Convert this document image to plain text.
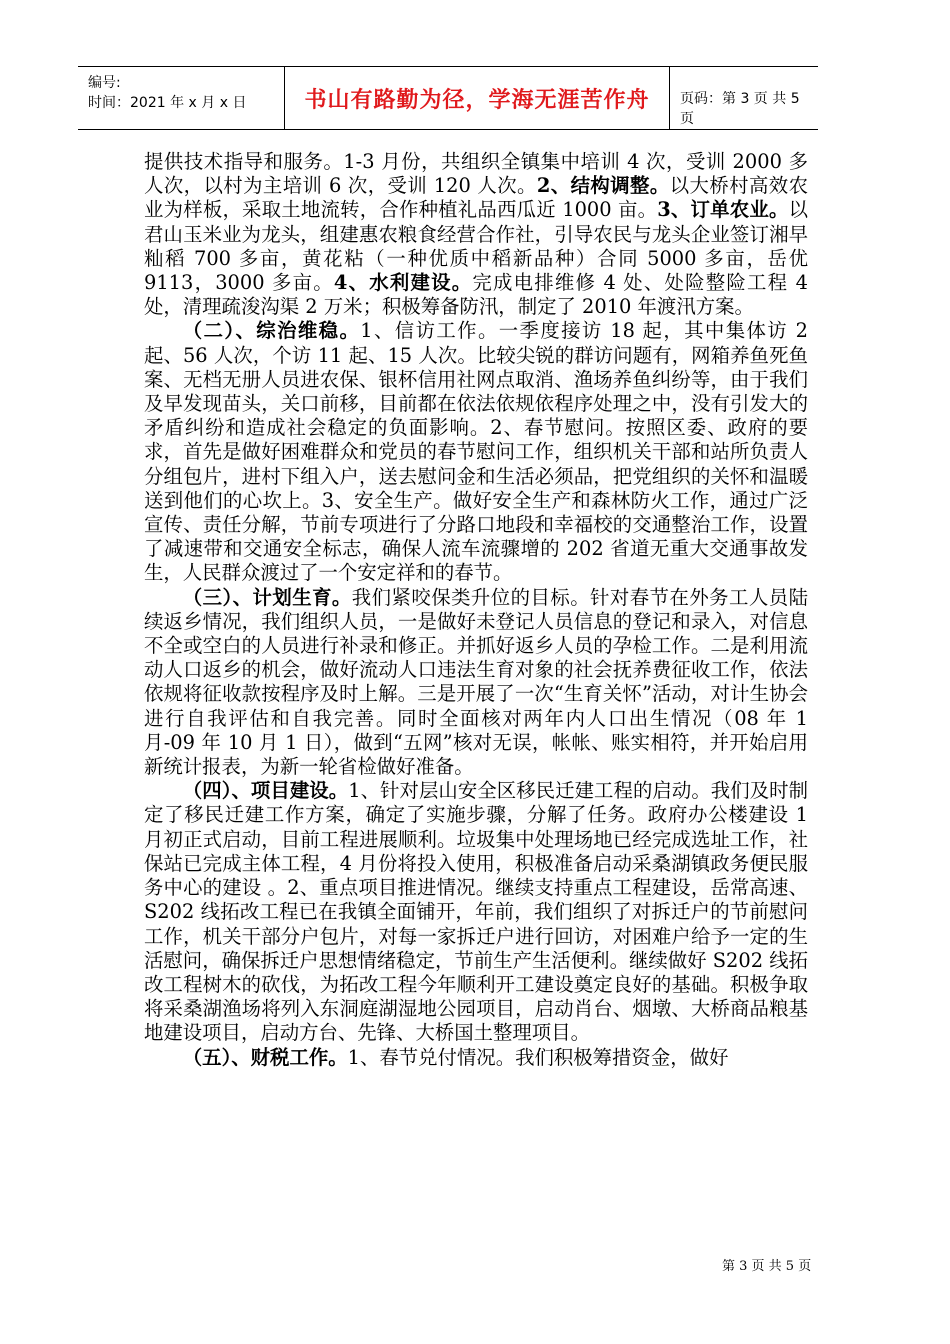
编号:
时间：2021 年 x 月 x 日	书山有路勤为径，学海无涯苦作舟 页码：第 3 页 共 5 页

提供技术指导和服务。1-3 月份，共组织全镇集中培训 4 次，受训 2000 多人次，以村为主培训 6 次，受训 120 人次。2、结构调整。以大桥村高效农业为样板，采取土地流转，合作种植礼品西瓜近 1000 亩。3、订单农业。以君山玉米业为龙头，组建惠农粮食经营合作社，引导农民与龙头企业签订湘早籼稻 700 多亩，黄花粘（一种优质中稻新品种）合同 5000 多亩，岳优 9113，3000 多亩。4、水利建设。完成电排维修 4 处、处险整险工程 4 处，清理疏浚沟渠 2 万米；积极筹备防汛，制定了 2010 年渡汛方案。

（二）、综治维稳。1、信访工作。一季度接访 18 起，其中集体访 2 起、56 人次，个访 11 起、15 人次。比较尖锐的群访问题有，网箱养鱼死鱼案、无档无册人员进农保、银杯信用社网点取消、渔场养鱼纠纷等，由于我们及早发现苗头，关口前移，目前都在依法依规依程序处理之中，没有引发大的矛盾纠纷和造成社会稳定的负面影响。2、春节慰问。按照区委、政府的要求，首先是做好困难群众和党员的春节慰问工作，组织机关干部和站所负责人分组包片，进村下组入户，送去慰问金和生活必须品，把党组织的关怀和温暖送到他们的心坎上。3、安全生产。做好安全生产和森林防火工作，通过广泛宣传、责任分解，节前专项进行了分路口地段和幸福校的交通整治工作，设置了减速带和交通安全标志，确保人流车流骤增的 202 省道无重大交通事故发生，人民群众渡过了一个安定祥和的春节。

（三）、计划生育。我们紧咬保类升位的目标。针对春节在外务工人员陆续返乡情况，我们组织人员，一是做好未登记人员信息的登记和录入，对信息不全或空白的人员进行补录和修正。并抓好返乡人员的孕检工作。二是利用流动人口返乡的机会，做好流动人口违法生育对象的社会抚养费征收工作，依法依规将征收款按程序及时上解。三是开展了一次“生育关怀”活动，对计生协会进行自我评估和自我完善。同时全面核对两年内人口出生情况（08 年 1 月-09 年 10 月 1 日），做到“五网”核对无误，帐帐、账实相符，并开始启用新统计报表，为新一轮省检做好准备。

（四）、项目建设。1、针对层山安全区移民迁建工程的启动。我们及时制定了移民迁建工作方案，确定了实施步骤，分解了任务。政府办公楼建设 1 月初正式启动，目前工程进展顺利。垃圾集中处理场地已经完成选址工作，社保站已完成主体工程，4 月份将投入使用，积极准备启动采桑湖镇政务便民服务中心的建设 。2、重点项目推进情况。继续支持重点工程建设，岳常高速、S202 线拓改工程已在我镇全面铺开，年前，我们组织了对拆迁户的节前慰问工作，机关干部分户包片，对每一家拆迁户进行回访，对困难户给予一定的生活慰问，确保拆迁户思想情绪稳定，节前生产生活便利。继续做好 S202 线拓改工程树木的砍伐，为拓改工程今年顺利开工建设奠定良好的基础。积极争取将采桑湖渔场将列入东洞庭湖湿地公园项目，启动肖台、烟墩、大桥商品粮基地建设项目，启动方台、先锋、大桥国土整理项目。

（五）、财税工作。1、春节兑付情况。我们积极筹措资金，做好

第 3 页 共 5 页
